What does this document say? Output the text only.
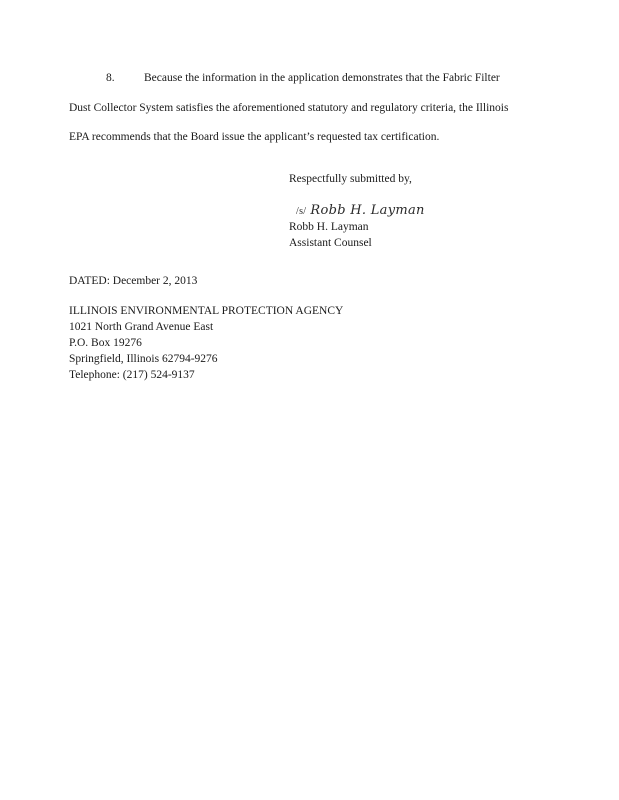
8.	Because the information in the application demonstrates that the Fabric Filter
Dust Collector System satisfies the aforementioned statutory and regulatory criteria, the Illinois
EPA recommends that the Board issue the applicant’s requested tax certification.
Respectfully submitted by,
/s/ Robb H. Layman
Robb H. Layman
Assistant Counsel
DATED: December 2, 2013
ILLINOIS ENVIRONMENTAL PROTECTION AGENCY
1021 North Grand Avenue East
P.O. Box 19276
Springfield, Illinois 62794-9276
Telephone: (217) 524-9137
